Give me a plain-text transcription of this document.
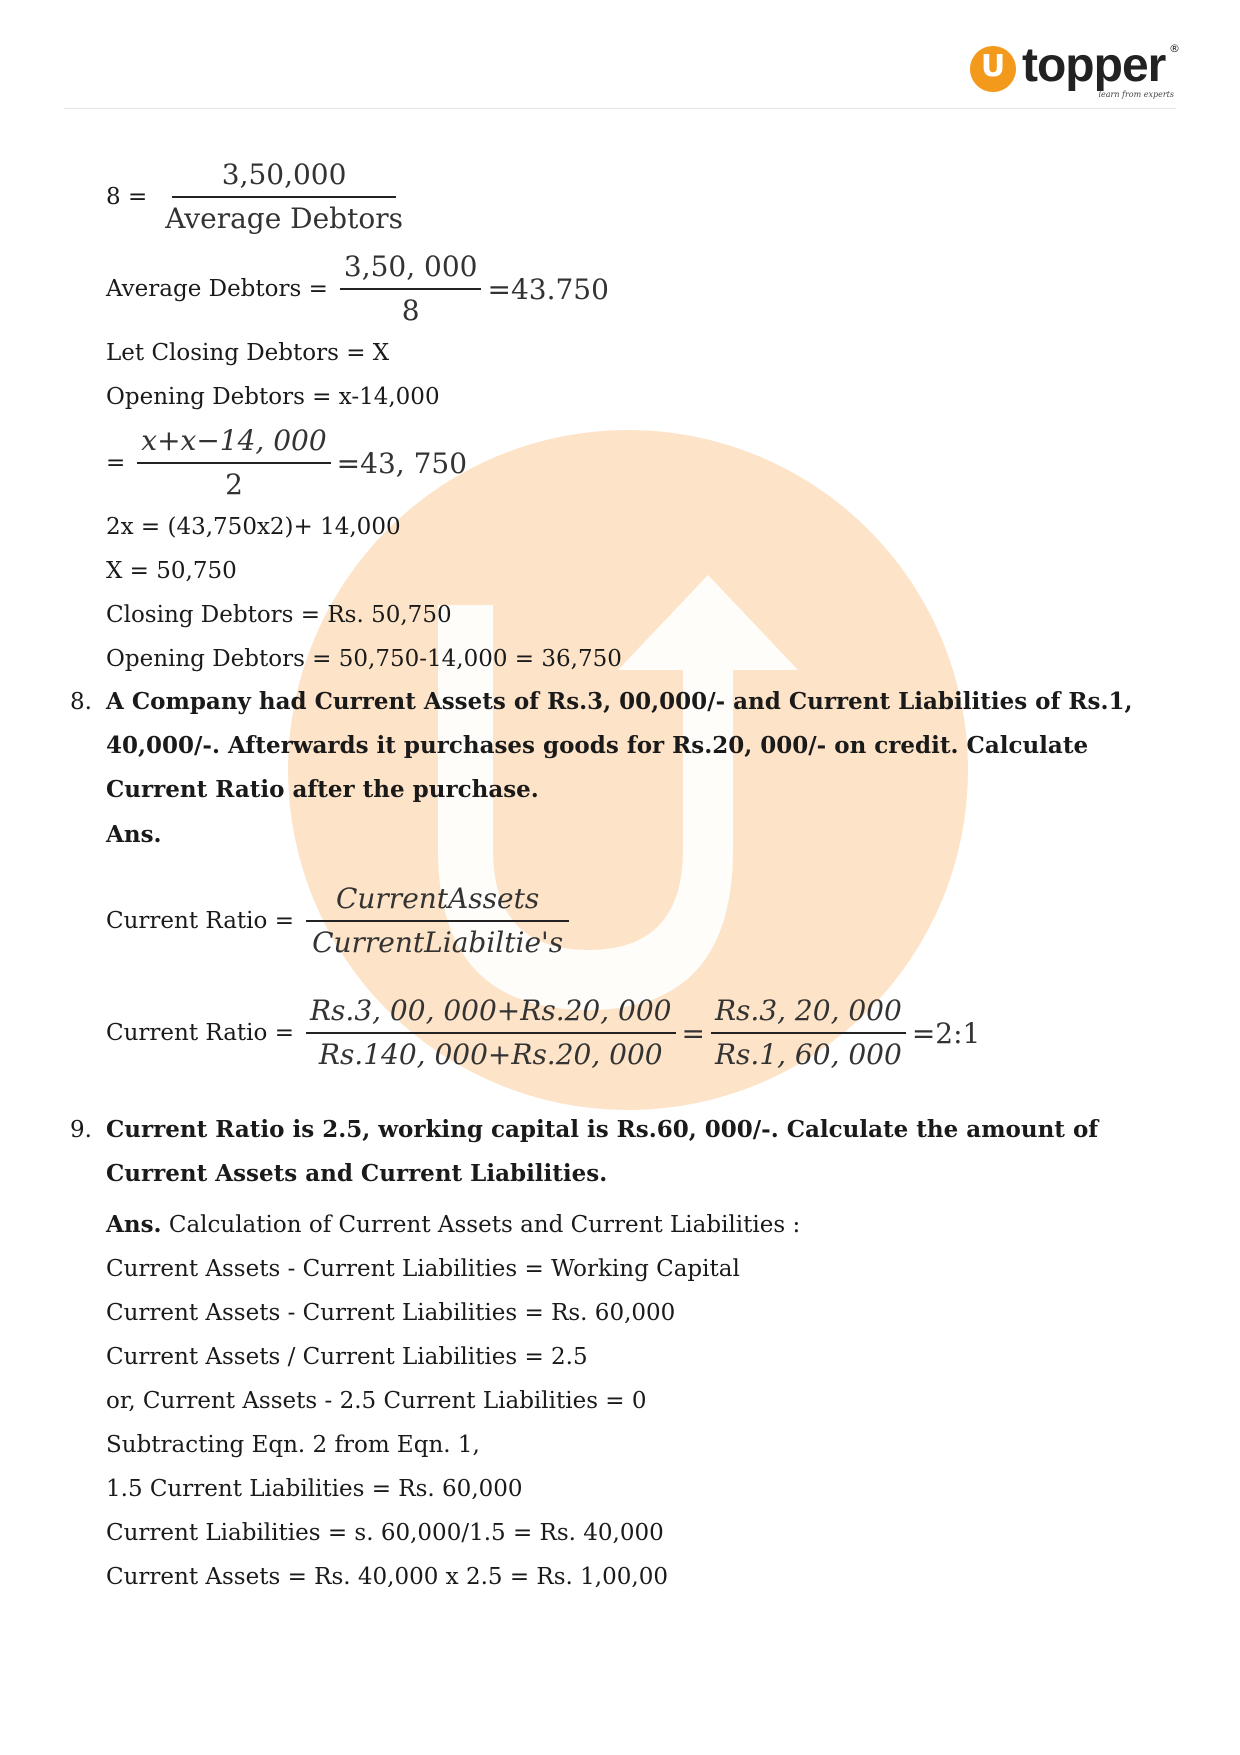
U topper ®
learn from experts
$8 = \frac{3,50,000}{\text{Average Debtors}}$
Average Debtors = $\frac{3,50, 000}{8} =43.750$
Let Closing Debtors = X
Opening Debtors = x-14,000
= $\frac{x+x-14, 000}{2} =43$, 750
2x = (43,750x2)+ 14,000
X = 50,750
Closing Debtors = Rs. 50,750
Opening Debtors = 50,750-14,000 = 36,750
8. A Company had Current Assets of Rs.3, 00,000/- and Current Liabilities of Rs.1, 40,000/-. Afterwards it purchases goods for Rs.20, 000/- on credit. Calculate Current Ratio after the purchase.
Ans.
Current Ratio = $\frac{\text{CurrentAssets}}{\text{CurrentLiabiltie's}}$
Current Ratio = $\frac{Rs.3, 00, 000+Rs.20, 000}{Rs.140, 000+Rs.20, 000} = \frac{Rs.3, 20, 000}{Rs.1, 60, 000}$ =2:1
9. Current Ratio is 2.5, working capital is Rs.60, 000/-. Calculate the amount of Current Assets and Current Liabilities.
Ans. Calculation of Current Assets and Current Liabilities :
Current Assets - Current Liabilities = Working Capital
Current Assets - Current Liabilities = Rs. 60,000
Current Assets / Current Liabilities = 2.5
or, Current Assets - 2.5 Current Liabilities = 0
Subtracting Eqn. 2 from Eqn. 1,
1.5 Current Liabilities = Rs. 60,000
Current Liabilities = s. 60,000/1.5 = Rs. 40,000
Current Assets = Rs. 40,000 x 2.5 = Rs. 1,00,00
